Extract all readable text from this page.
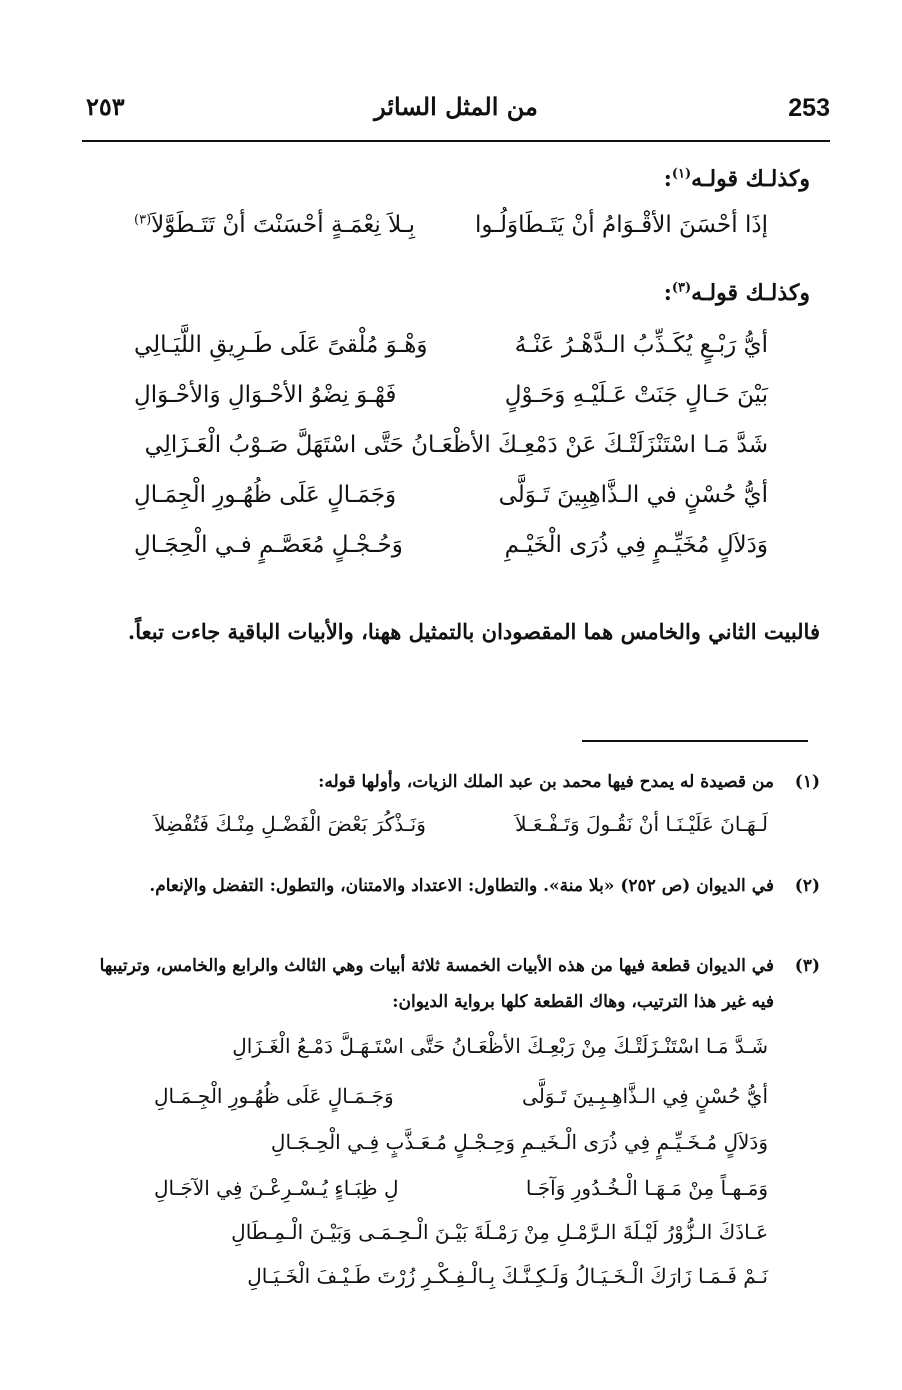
253
من المثل السائر
٢٥٣
وكذلـك قولـه$^{(١)}$:
إذَا أحْسَنَ الأقْـوَامُ أنْ يَتَـطَاوَلُـوا
بِـلاَ نِعْمَـةٍ أحْسَنْتَ أنْ تَتَـطَوَّلاَ$^{(٣)}$
وكذلـك قولـه$^{(٣)}$:
أيُّ رَبْـعٍ يُكَـذِّبُ الـدَّهْـرُ عَنْـهُ
وَهْـوَ مُلْقىً عَلَى طَـرِيقِ اللَّيَـالِي
بَيْنَ حَـالٍ جَنَتْ عَـلَيْـهِ وَحَـوْلٍ
فَهْـوَ نِضْوُ الأحْـوَالِ وَالأحْـوَالِ
شَدَّ مَـا اسْتَنْزَلَتْـكَ عَنْ دَمْعِـكَ الأظْعَـانُ حَتَّى اسْتَهَلَّ صَـوْبُ الْعَـزَالِي
أيُّ حُسْنٍ في الـذَّاهِبِينَ تَـوَلَّى
وَجَمَـالٍ عَلَى ظُهُـورِ الْجِمَـالِ
وَدَلاَلٍ مُخَيِّـمٍ فِي ذُرَى الْخَيْـمِ
وَحُـجْـلٍ مُعَصَّـمٍ فـي الْحِجَـالِ
فالبيت الثاني والخامس هما المقصودان بالتمثيل ههنا، والأبيات الباقية جاءت تبعاً.
(١)
من قصيدة له يمدح فيها محمد بن عبد الملك الزيات، وأولها قوله:
لَـهَـانَ عَلَيْـنَـا أنْ نَقُـولَ وَتَـفْـعَـلاَ
وَنَـذْكُرَ بَعْضَ الْفَضْـلِ مِنْـكَ فَتُفْضِلاَ
(٢)
في الديوان (ص ٢٥٢) «بلا منة». والتطاول: الاعتداد والامتنان، والتطول: التفضل والإنعام.
(٣)
في الديوان قطعة فيها من هذه الأبيات الخمسة ثلاثة أبيات وهي الثالث والرابع والخامس، وترتيبها فيه غير هذا الترتيب، وهاك القطعة كلها برواية الديوان:
شَـدَّ مَـا اسْتَنْـزَلَتْـكَ مِنْ رَبْعِـكَ الأظْعَـانُ حَتَّى اسْتَـهَـلَّ دَمْـعُ الْغَـزَالِ
أيُّ حُسْنٍ فِي الـذَّاهِـبِـينَ تَـوَلَّى
وَجَـمَـالٍ عَلَى ظُهُـورِ الْجِـمَـالِ
وَدَلاَلٍ مُـخَـيِّـمٍ فِي ذُرَى الْـخَيـمِ وَحِـجْـلٍ مُـعَـذَّبٍ فِـي الْحِـجَـالِ
وَمَـهـاً مِنْ مَـهَـا الْـخُـدُورِ وَآجَـا
لِ ظِبَـاءٍ يُـسْـرِعْـنَ فِي الآجَـالِ
عَـاذَكَ الـزُّوْرُ لَيْـلَةَ الـرَّمْـلِ مِنْ رَمْـلَةَ بَيْـنَ الْـحِـمَـى وَبَيْـنَ الْـمِـطَالِ
نَـمْ فَـمَـا زَارَكَ الْـخَـيَـالُ وَلَـكِـنَّـكَ بِـالْـفِـكْـرِ زُرْتَ طَـيْـفَ الْخَـيَـالِ
